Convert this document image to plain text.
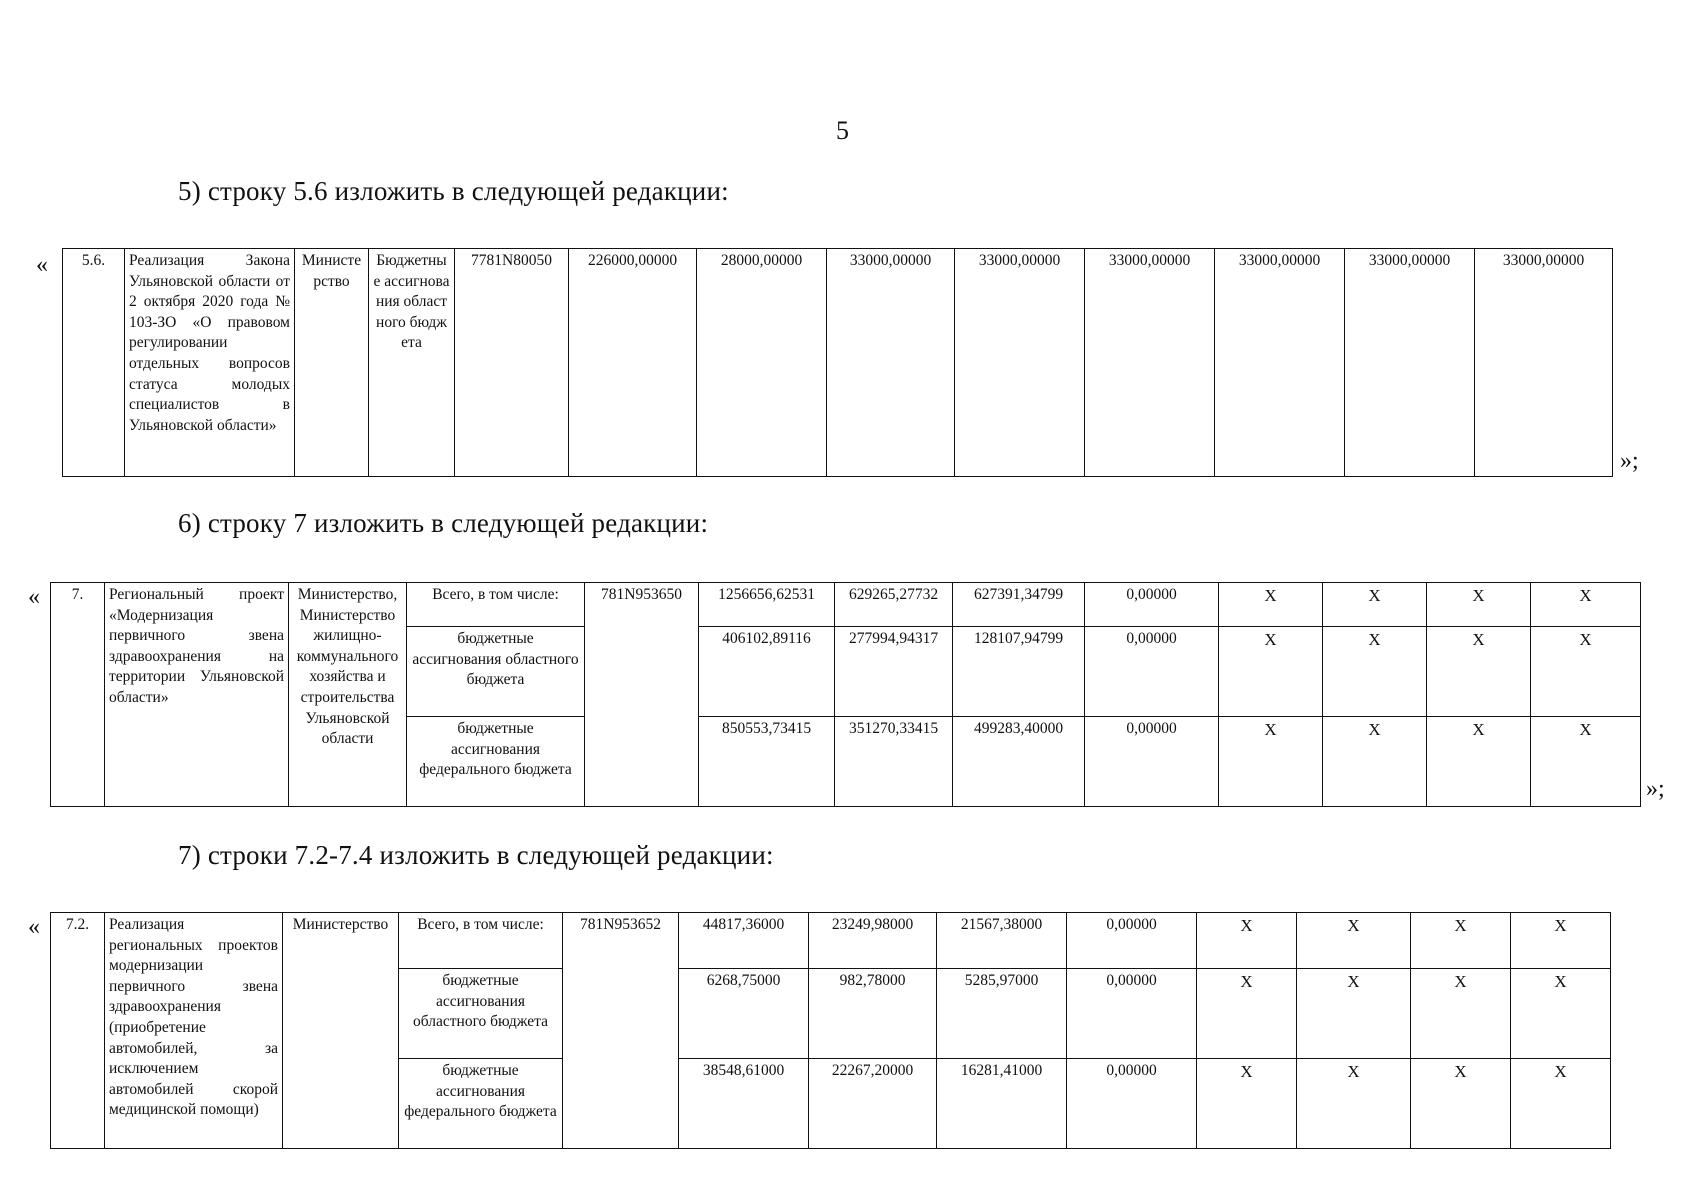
5
5) строку 5.6 изложить в следующей редакции:
« 5.6.	Реализация Закона Ульяновской области от 2 октября 2020 года № 103-ЗО «О правовом регулировании отдельных вопросов статуса молодых специалистов в Ульяновской области»	Министерство	Бюджетные ассигнования областного бюджета	7781N80050	226000,00000	28000,00000	33000,00000	33000,00000	33000,00000	33000,00000	33000,00000	33000,00000
»;
6) строку 7 изложить в следующей редакции:
« 7.	Региональный проект «Модернизация первичного звена здравоохранения на территории Ульяновской области»	Министерство, Министерство жилищно-коммунального хозяйства и строительства Ульяновской области	Всего, в том числе:	781N953650	1256656,62531	629265,27732	627391,34799	0,00000	X	X	X	X
			бюджетные ассигнования областного бюджета		406102,89116	277994,94317	128107,94799	0,00000	X	X	X	X
			бюджетные ассигнования федерального бюджета		850553,73415	351270,33415	499283,40000	0,00000	X	X	X	X
»;
7) строки 7.2-7.4 изложить в следующей редакции:
« 7.2.	Реализация региональных проектов модернизации первичного звена здравоохранения (приобретение автомобилей, за исключением автомобилей скорой медицинской помощи)	Министерство	Всего, в том числе:	781N953652	44817,36000	23249,98000	21567,38000	0,00000	X	X	X	X
			бюджетные ассигнования областного бюджета		6268,75000	982,78000	5285,97000	0,00000	X	X	X	X
			бюджетные ассигнования федерального бюджета		38548,61000	22267,20000	16281,41000	0,00000	X	X	X	X
